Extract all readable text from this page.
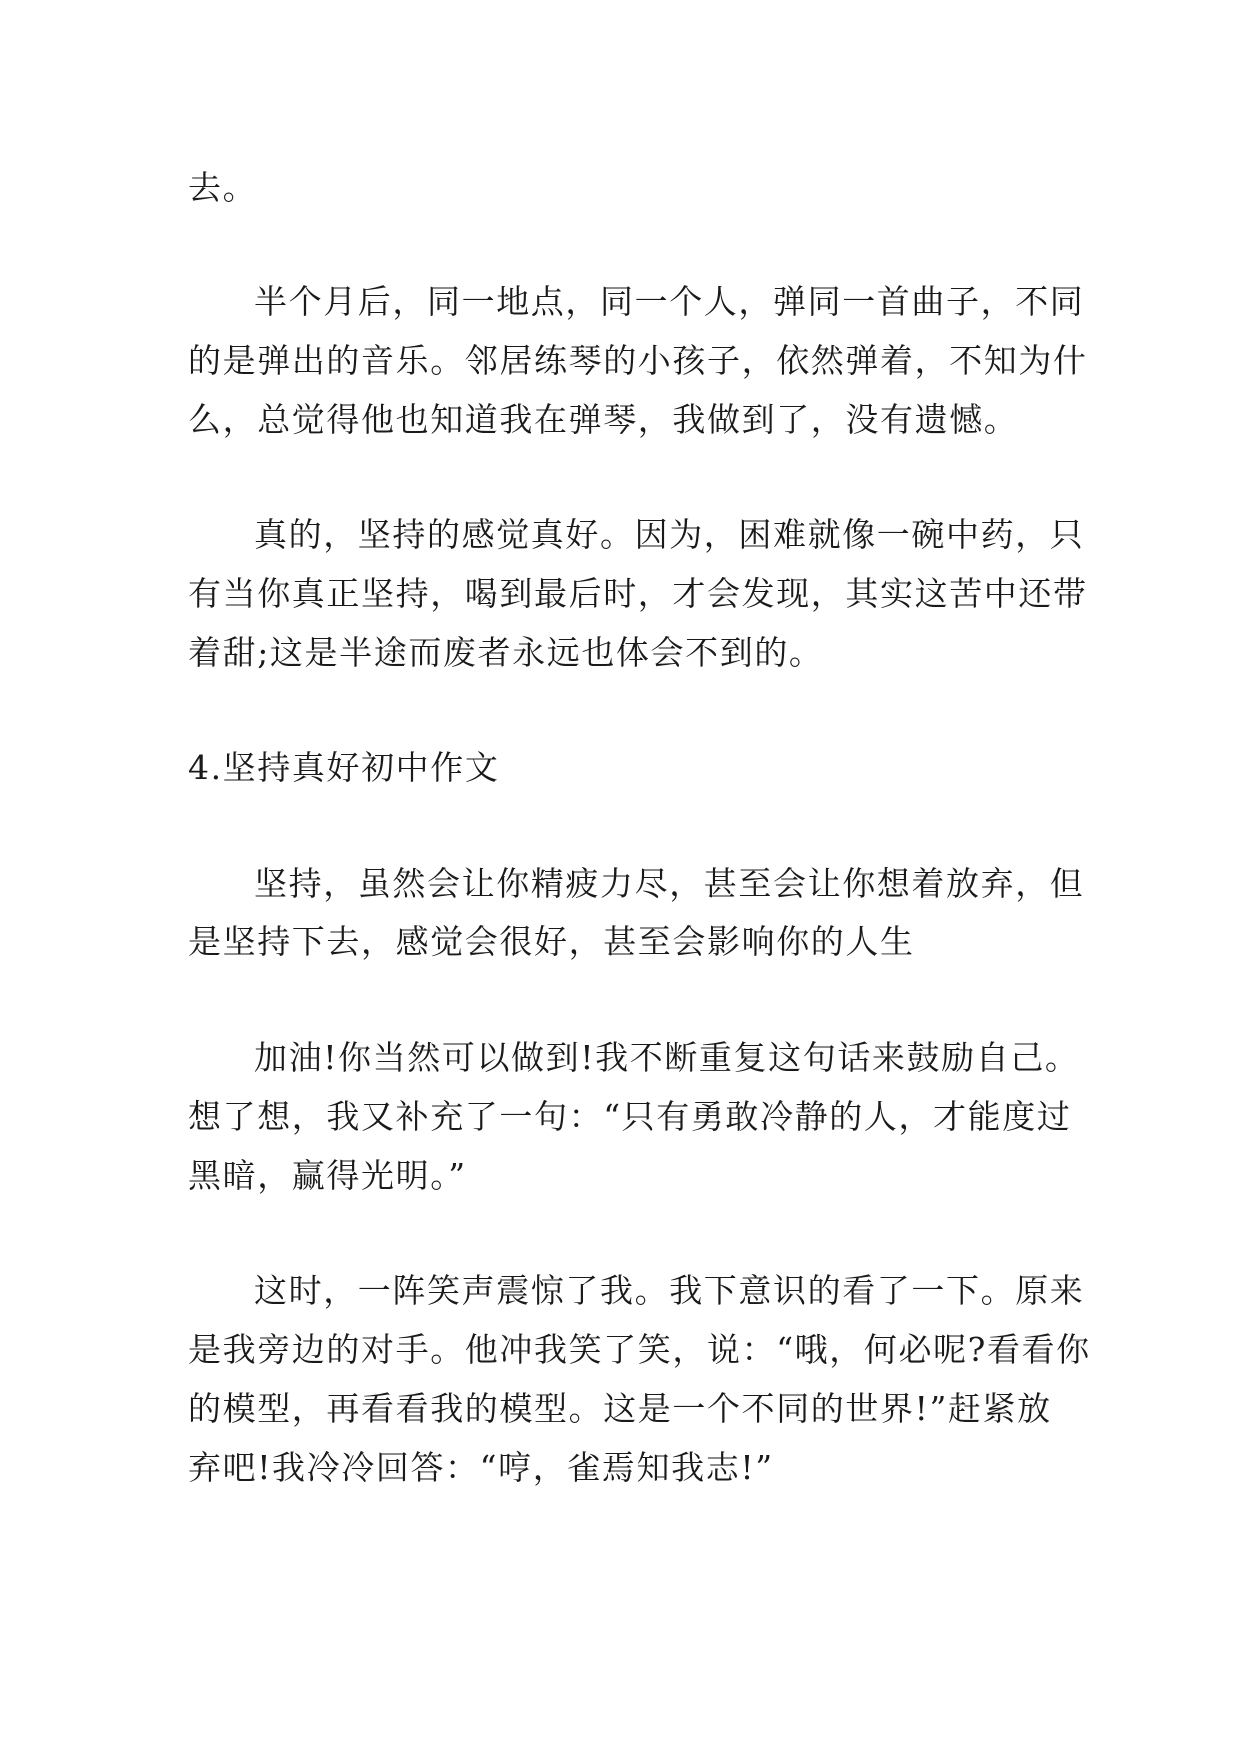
去。
半个月后，同一地点，同一个人，弹同一首曲子，不同
的是弹出的音乐。邻居练琴的小孩子，依然弹着，不知为什
么，总觉得他也知道我在弹琴，我做到了，没有遗憾。
真的，坚持的感觉真好。因为，困难就像一碗中药，只
有当你真正坚持，喝到最后时，才会发现，其实这苦中还带
着甜;这是半途而废者永远也体会不到的。
4.坚持真好初中作文
坚持，虽然会让你精疲力尽，甚至会让你想着放弃，但
是坚持下去，感觉会很好，甚至会影响你的人生
加油!你当然可以做到!我不断重复这句话来鼓励自己。
想了想，我又补充了一句：“只有勇敢冷静的人，才能度过
黑暗，赢得光明。”
这时，一阵笑声震惊了我。我下意识的看了一下。原来
是我旁边的对手。他冲我笑了笑，说：“哦，何必呢?看看你
的模型，再看看我的模型。这是一个不同的世界!”赶紧放
弃吧!我冷冷回答：“哼，雀焉知我志!”
